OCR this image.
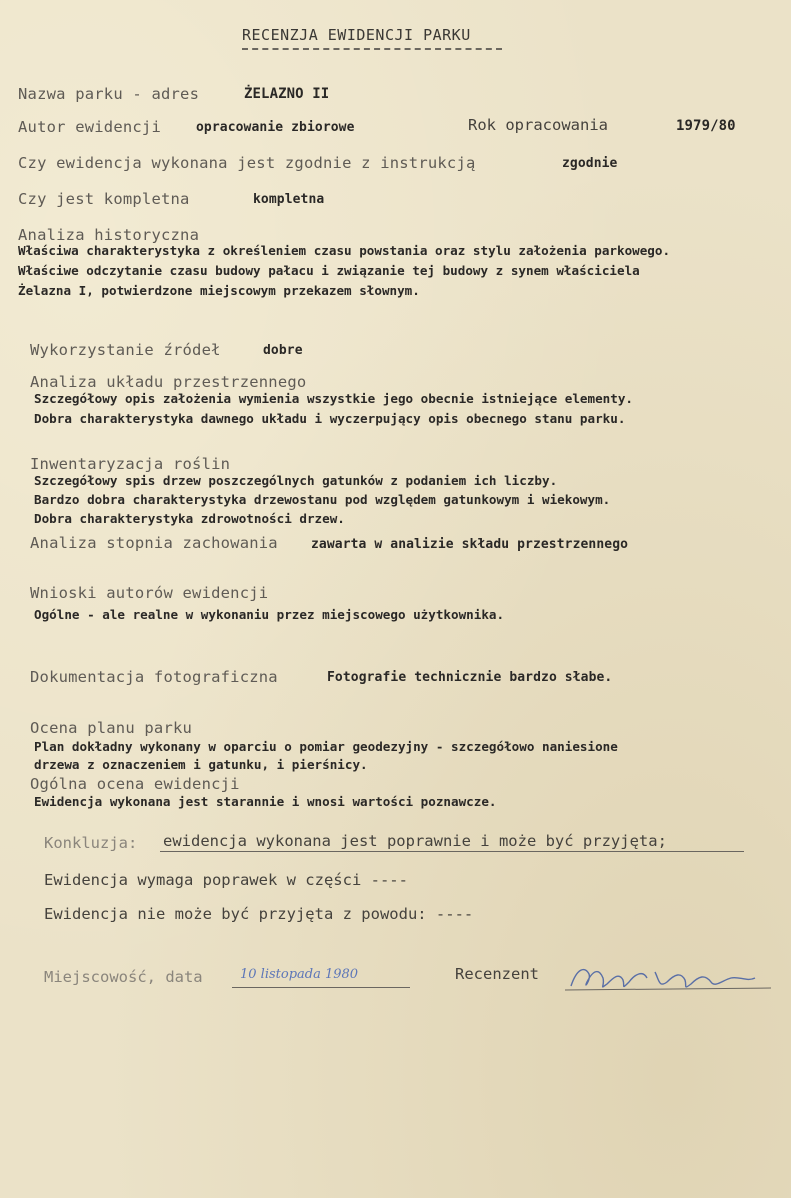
RECENZJA EWIDENCJI PARKU
Nazwa parku - adres	ŻELAZNO II
Autor ewidencji	opracowanie zbiorowe	Rok opracowania	1979/80
Czy ewidencja wykonana jest zgodnie z instrukcją	zgodnie
Czy jest kompletna	kompletna
Analiza historyczna
Właściwa charakterystyka z określeniem czasu powstania oraz stylu założenia parkowego.
Właściwe odczytanie czasu budowy pałacu i związanie tej budowy z synem właściciela
Żelazna I, potwierdzone miejscowym przekazem słownym.
Wykorzystanie źródeł	dobre
Analiza układu przestrzennego
Szczegółowy opis założenia wymienia wszystkie jego obecnie istniejące elementy.
Dobra charakterystyka dawnego układu i wyczerpujący opis obecnego stanu parku.
Inwentaryzacja roślin
Szczegółowy spis drzew poszczególnych gatunków z podaniem ich liczby.
Bardzo dobra charakterystyka drzewostanu pod względem gatunkowym i wiekowym.
Dobra charakterystyka zdrowotności drzew.
Analiza stopnia zachowania	zawarta w analizie składu przestrzennego
Wnioski autorów ewidencji
Ogólne - ale realne w wykonaniu przez miejscowego użytkownika.
Dokumentacja fotograficzna	Fotografie technicznie bardzo słabe.
Ocena planu parku
Plan dokładny wykonany w oparciu o pomiar geodezyjny - szczegółowo naniesione
drzewa z oznaczeniem i gatunku, i pierśnicy.
Ogólna ocena ewidencji
Ewidencja wykonana jest starannie i wnosi wartości poznawcze.
Konkluzja: ewidencja wykonana jest poprawnie i może być przyjęta;
Ewidencja wymaga poprawek w części ----
Ewidencja nie może być przyjęta z powodu: ----
Miejscowość, data	10 listopada 1980	Recenzent
